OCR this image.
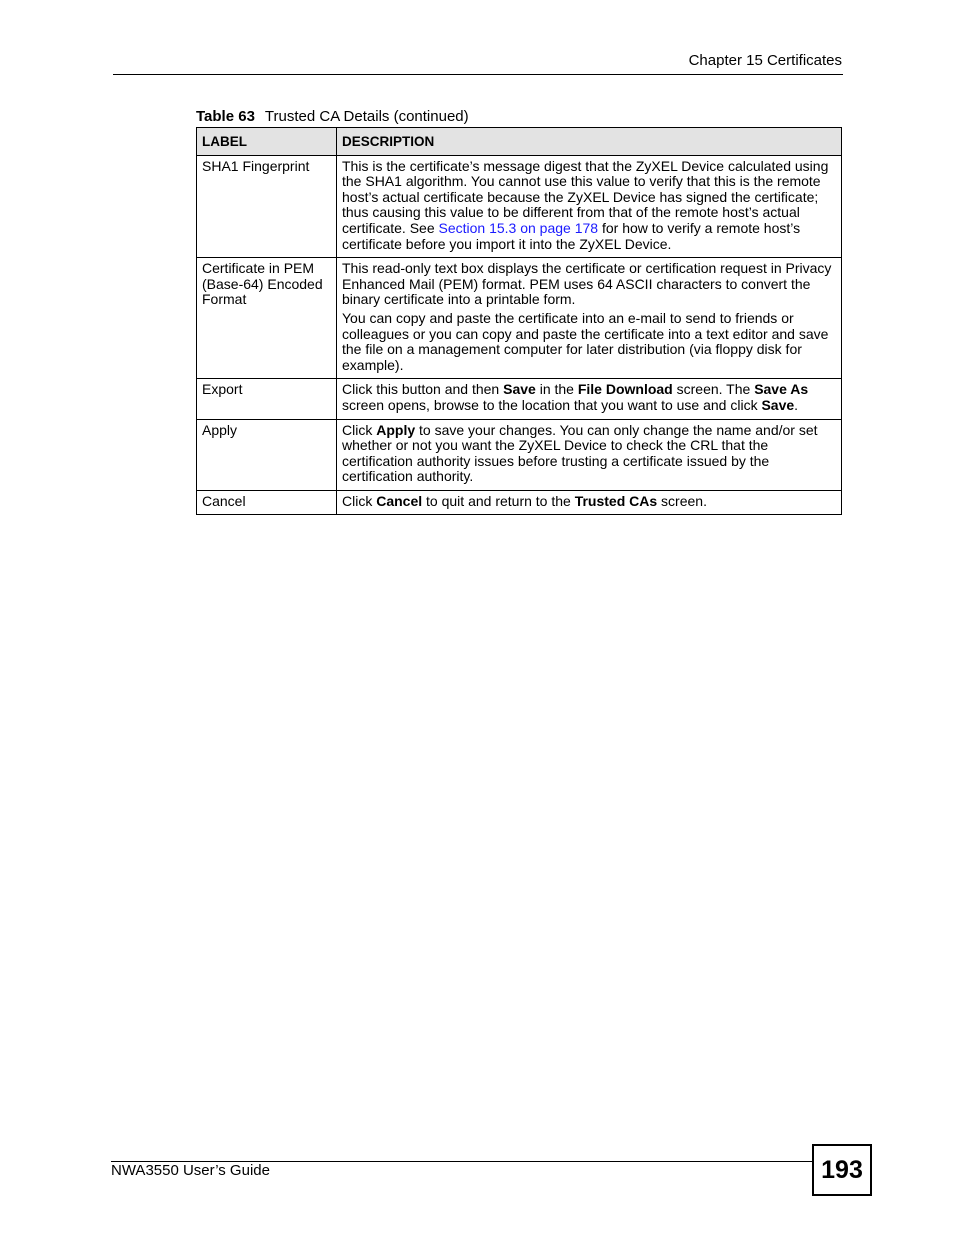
Chapter 15 Certificates
Table 63 Trusted CA Details (continued)
LABEL	DESCRIPTION
SHA1 Fingerprint	This is the certificate’s message digest that the ZyXEL Device calculated using the SHA1 algorithm. You cannot use this value to verify that this is the remote host’s actual certificate because the ZyXEL Device has signed the certificate; thus causing this value to be different from that of the remote host’s actual certificate. See Section 15.3 on page 178 for how to verify a remote host’s certificate before you import it into the ZyXEL Device.

Certificate in PEM (Base-64) Encoded Format	This read-only text box displays the certificate or certification request in Privacy Enhanced Mail (PEM) format. PEM uses 64 ASCII characters to convert the binary certificate into a printable form.

You can copy and paste the certificate into an e-mail to send to friends or colleagues or you can copy and paste the certificate into a text editor and save the file on a management computer for later distribution (via floppy disk for example).

Export	Click this button and then Save in the File Download screen. The Save As screen opens, browse to the location that you want to use and click Save.

Apply	Click Apply to save your changes. You can only change the name and/or set whether or not you want the ZyXEL Device to check the CRL that the certification authority issues before trusting a certificate issued by the certification authority.

Cancel	Click Cancel to quit and return to the Trusted CAs screen.

NWA3550 User’s Guide	193
